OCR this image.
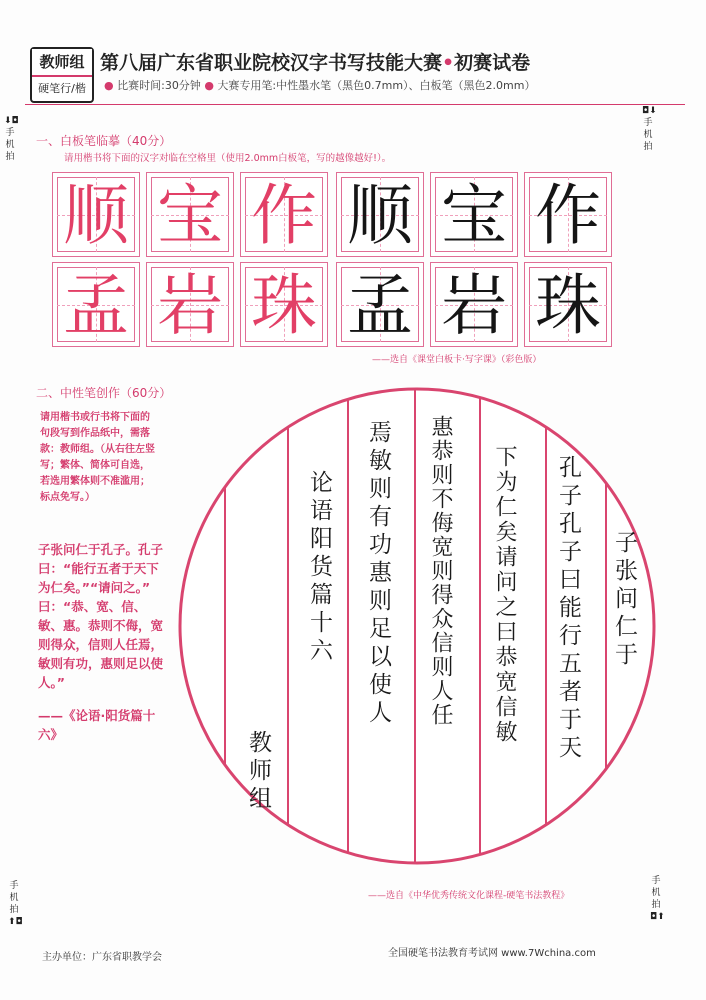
教师组
硬笔行/楷
第八届广东省职业院校汉字书写技能大赛•初赛试卷
● 比赛时间:30分钟 ● 大赛专用笔:中性墨水笔（黑色0.7mm）、白板笔（黑色2.0mm）
⬇◘
手机拍
◘⬇
手机拍
手机拍
⬆◘
手机拍
◘⬆
一、白板笔临摹（40分）
请用楷书将下面的汉字对临在空格里（使用2.0mm白板笔，写的越像越好!）。
顺 宝 作 顺 宝 作
孟 岩 珠 孟 岩 珠
——选自《课堂白板卡·写字课》（彩色版）
二、中性笔创作（60分）
请用楷书或行书将下面的句段写到作品纸中，需落款：教师组。（从右往左竖写；繁体、简体可自选，若选用繁体则不准滥用；标点免写。）
子张问仁于孔子。孔子曰：“能行五者于天下为仁矣。”“请问之。” 曰：“恭、宽、信、敏、惠。恭则不侮，宽则得众，信则人任焉，敏则有功，惠则足以使人。”
——《论语·阳货篇十六》
子张问仁于
孔子孔子曰能行五者于天
下为仁矣请问之曰恭宽信敏
惠恭则不侮宽则得众信则人任
焉敏则有功惠则足以使人
论语阳货篇十六
教师组
——选自《中华优秀传统文化课程-硬笔书法教程》
主办单位：广东省职教学会	全国硬笔书法教育考试网 www.7Wchina.com
